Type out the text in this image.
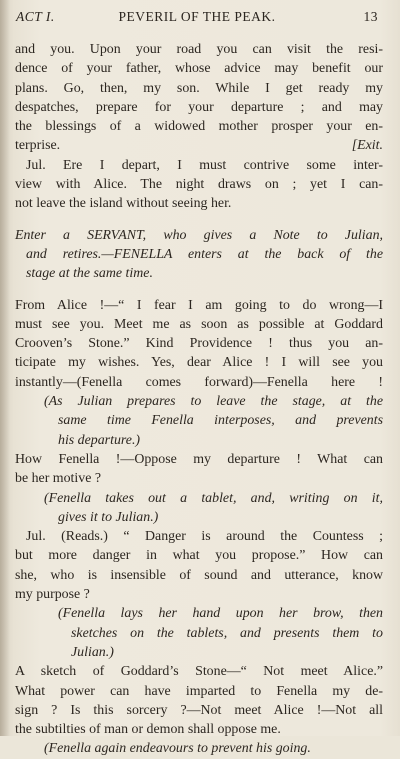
ACT I.	PEVERIL OF THE PEAK.	13
and you. Upon your road you can visit the resi-
dence of your father, whose advice may benefit our
plans. Go, then, my son. While I get ready my
despatches, prepare for your departure ; and may
the blessings of a widowed mother prosper your en-
terprise.	[Exit.
Jul. Ere I depart, I must contrive some inter-
view with Alice. The night draws on ; yet I can-
not leave the island without seeing her.
Enter a SERVANT, who gives a Note to Julian,
and retires.—FENELLA enters at the back of the
stage at the same time.
From Alice !—“ I fear I am going to do wrong—I
must see you. Meet me as soon as possible at Goddard
Crooven’s Stone.” Kind Providence ! thus you an-
ticipate my wishes. Yes, dear Alice ! I will see you
instantly—(Fenella comes forward)—Fenella here !
(As Julian prepares to leave the stage, at the
same time Fenella interposes, and prevents
his departure.)
How Fenella !—Oppose my departure ! What can
be her motive ?
(Fenella takes out a tablet, and, writing on it,
gives it to Julian.)
Jul. (Reads.) “ Danger is around the Countess ;
but more danger in what you propose.” How can
she, who is insensible of sound and utterance, know
my purpose ?
(Fenella lays her hand upon her brow, then
sketches on the tablets, and presents them to
Julian.)
A sketch of Goddard’s Stone—“ Not meet Alice.”
What power can have imparted to Fenella my de-
sign ? Is this sorcery ?—Not meet Alice !—Not all
the subtilties of man or demon shall oppose me.
(Fenella again endeavours to prevent his going.
